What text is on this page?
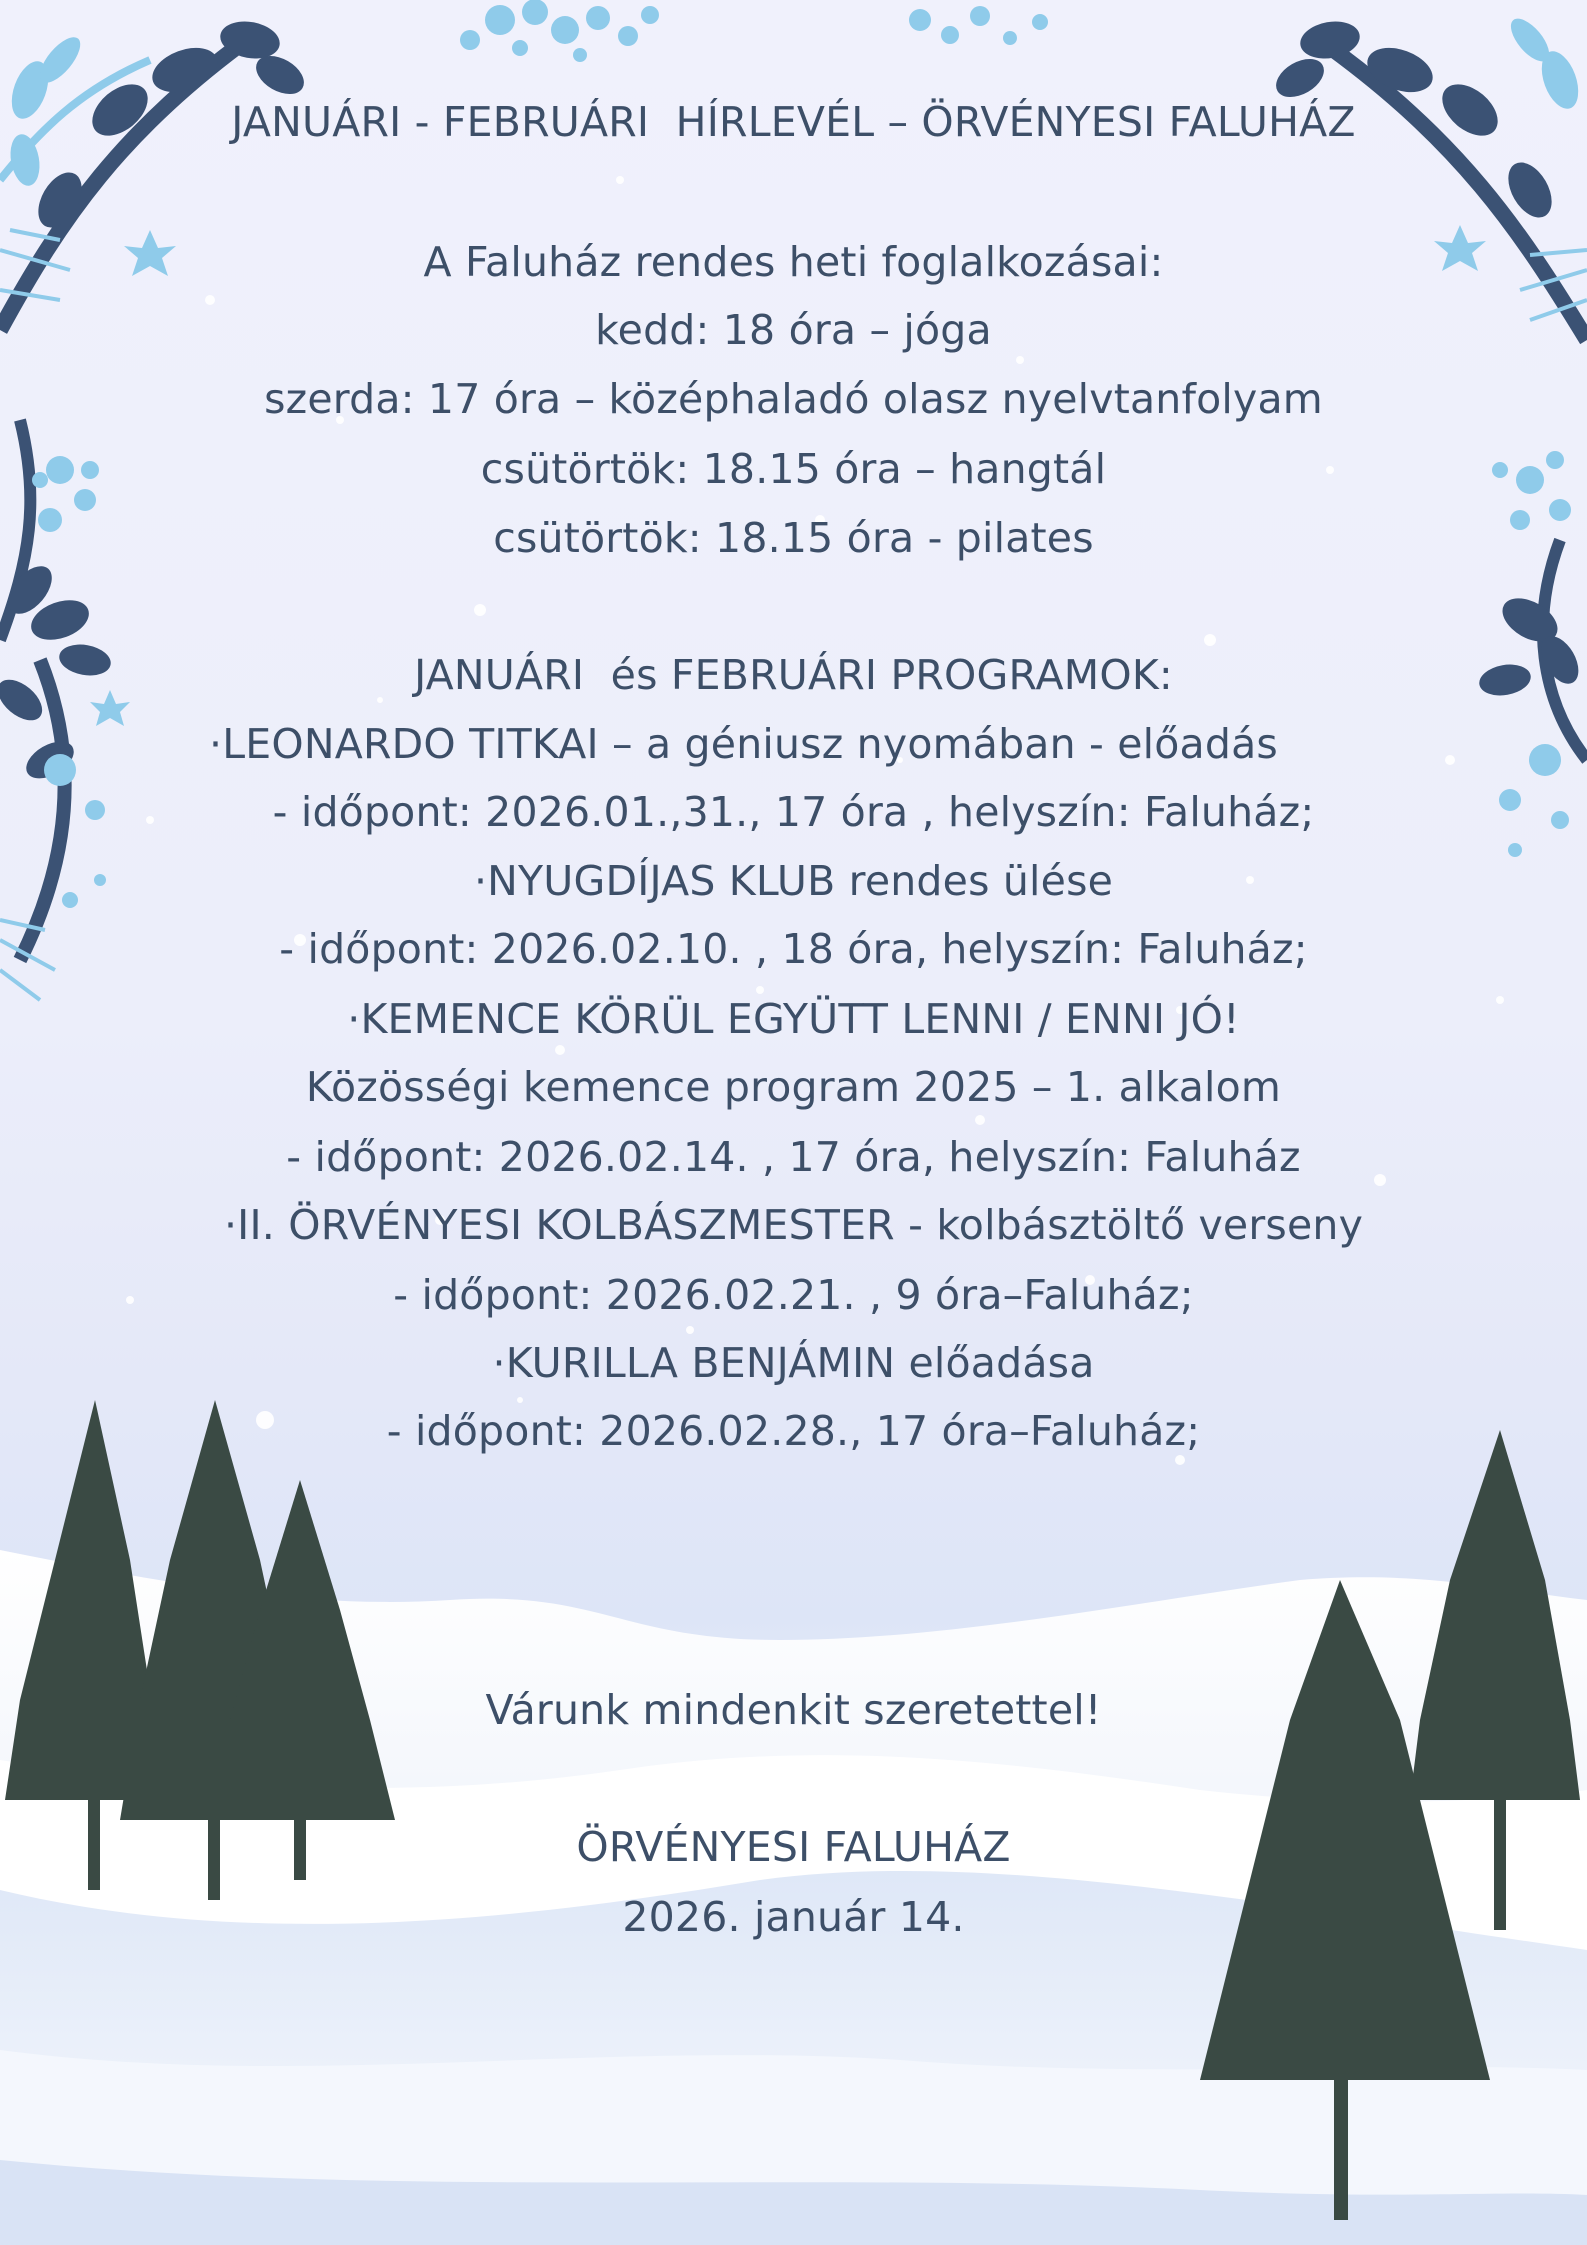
JANUÁRI - FEBRUÁRI  HÍRLEVÉL – ÖRVÉNYESI FALUHÁZ
A Faluház rendes heti foglalkozásai:
kedd: 18 óra – jóga
szerda: 17 óra – középhaladó olasz nyelvtanfolyam
csütörtök: 18.15 óra – hangtál
csütörtök: 18.15 óra - pilates
JANUÁRI  és FEBRUÁRI PROGRAMOK:
·LEONARDO TITKAI – a géniusz nyomában - előadás
- időpont: 2026.01.,31., 17 óra , helyszín: Faluház;
·NYUGDÍJAS KLUB rendes ülése
- időpont: 2026.02.10. , 18 óra, helyszín: Faluház;
·KEMENCE KÖRÜL EGYÜTT LENNI / ENNI JÓ!
Közösségi kemence program 2025 – 1. alkalom
- időpont: 2026.02.14. , 17 óra, helyszín: Faluház
·II. ÖRVÉNYESI KOLBÁSZMESTER - kolbásztöltő verseny
- időpont: 2026.02.21. , 9 óra–Faluház;
·KURILLA BENJÁMIN előadása
- időpont: 2026.02.28., 17 óra–Faluház;
Várunk mindenkit szeretettel!
ÖRVÉNYESI FALUHÁZ
2026. január 14.
